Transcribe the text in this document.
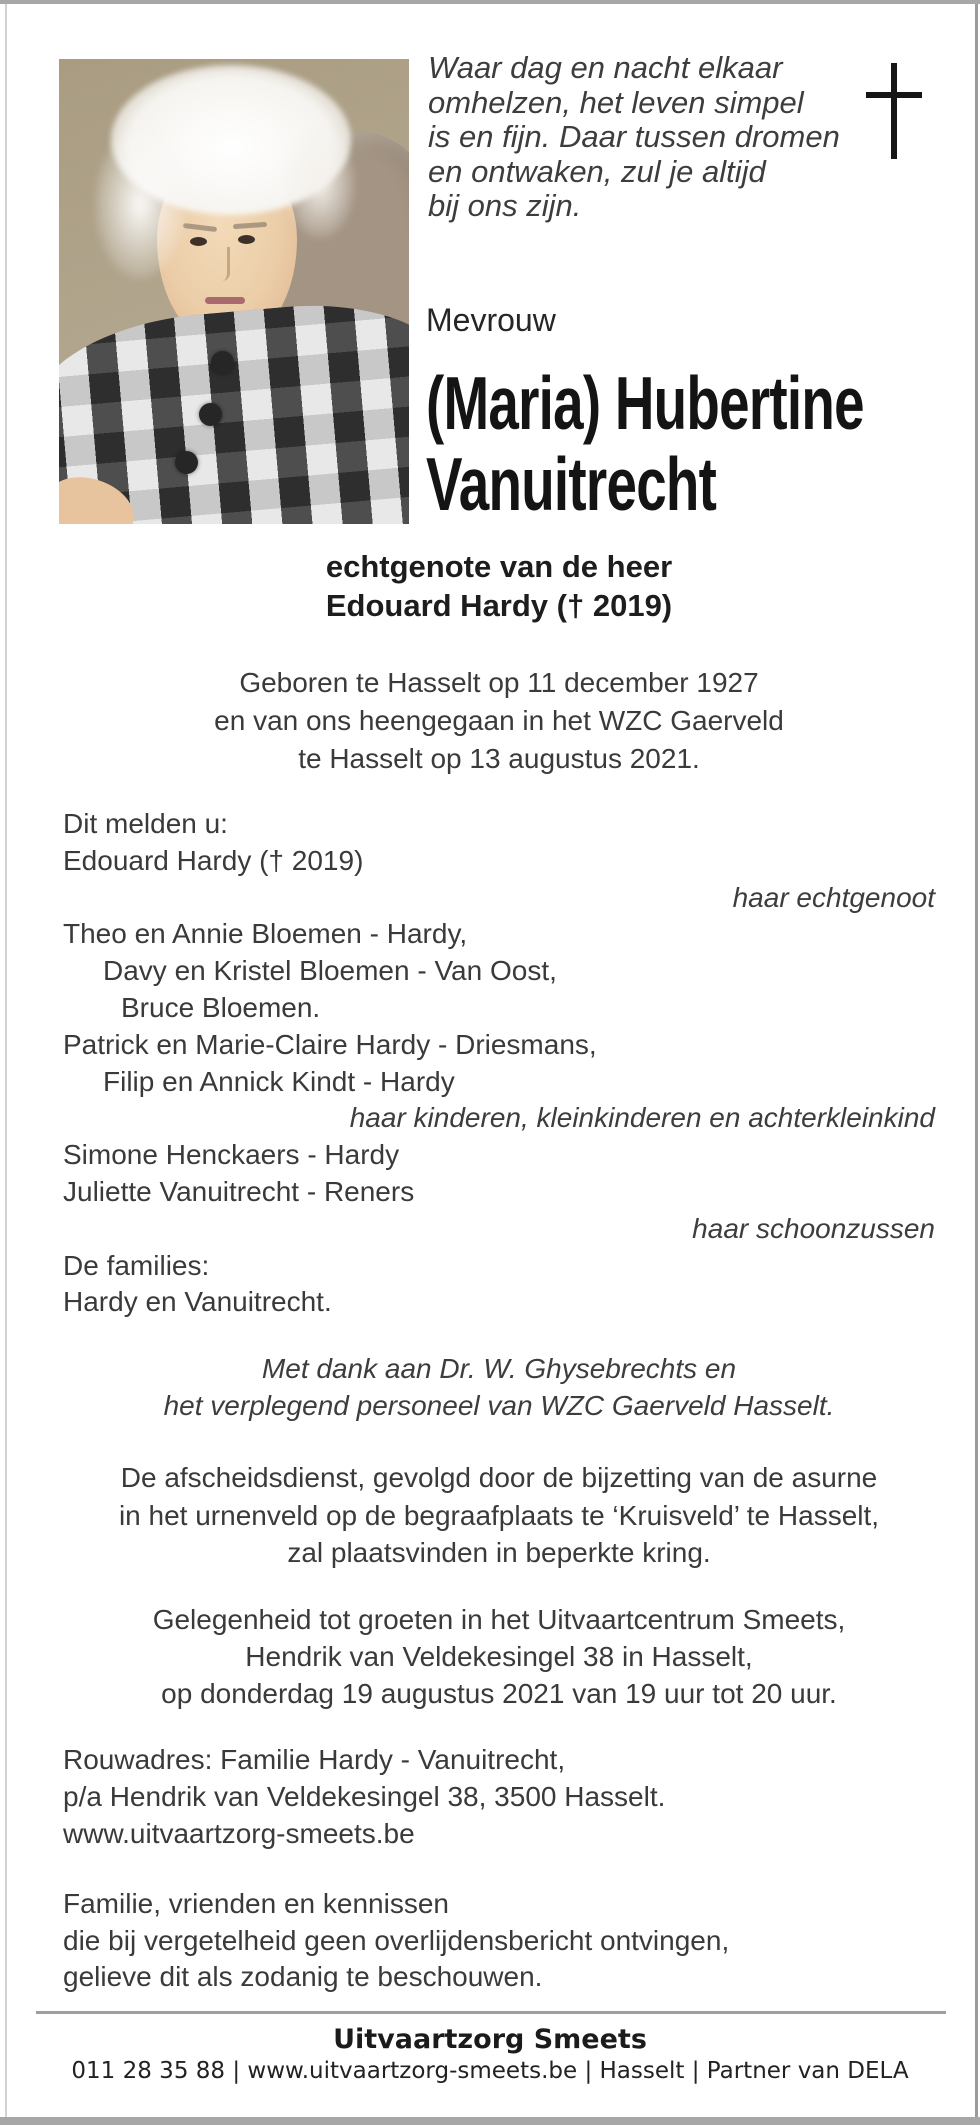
Waar dag en nacht elkaar
omhelzen, het leven simpel
is en fijn. Daar tussen dromen
en ontwaken, zul je altijd
bij ons zijn.
Mevrouw
(Maria) Hubertine
Vanuitrecht
echtgenote van de heer
Edouard Hardy († 2019)
Geboren te Hasselt op 11 december 1927
en van ons heengegaan in het WZC Gaerveld
te Hasselt op 13 augustus 2021.
Dit melden u:
Edouard Hardy († 2019)
haar echtgenoot
Theo en Annie Bloemen - Hardy,
Davy en Kristel Bloemen - Van Oost,
Bruce Bloemen.
Patrick en Marie-Claire Hardy - Driesmans,
Filip en Annick Kindt - Hardy
haar kinderen, kleinkinderen en achterkleinkind
Simone Henckaers - Hardy
Juliette Vanuitrecht - Reners
haar schoonzussen
De families:
Hardy en Vanuitrecht.
Met dank aan Dr. W. Ghysebrechts en
het verplegend personeel van WZC Gaerveld Hasselt.
De afscheidsdienst, gevolgd door de bijzetting van de asurne
in het urnenveld op de begraafplaats te ‘Kruisveld’ te Hasselt,
zal plaatsvinden in beperkte kring.
Gelegenheid tot groeten in het Uitvaartcentrum Smeets,
Hendrik van Veldekesingel 38 in Hasselt,
op donderdag 19 augustus 2021 van 19 uur tot 20 uur.
Rouwadres: Familie Hardy - Vanuitrecht,
p/a Hendrik van Veldekesingel 38, 3500 Hasselt.
www.uitvaartzorg-smeets.be
Familie, vrienden en kennissen
die bij vergetelheid geen overlijdensbericht ontvingen,
gelieve dit als zodanig te beschouwen.
Uitvaartzorg Smeets
011 28 35 88 | www.uitvaartzorg-smeets.be | Hasselt | Partner van DELA
